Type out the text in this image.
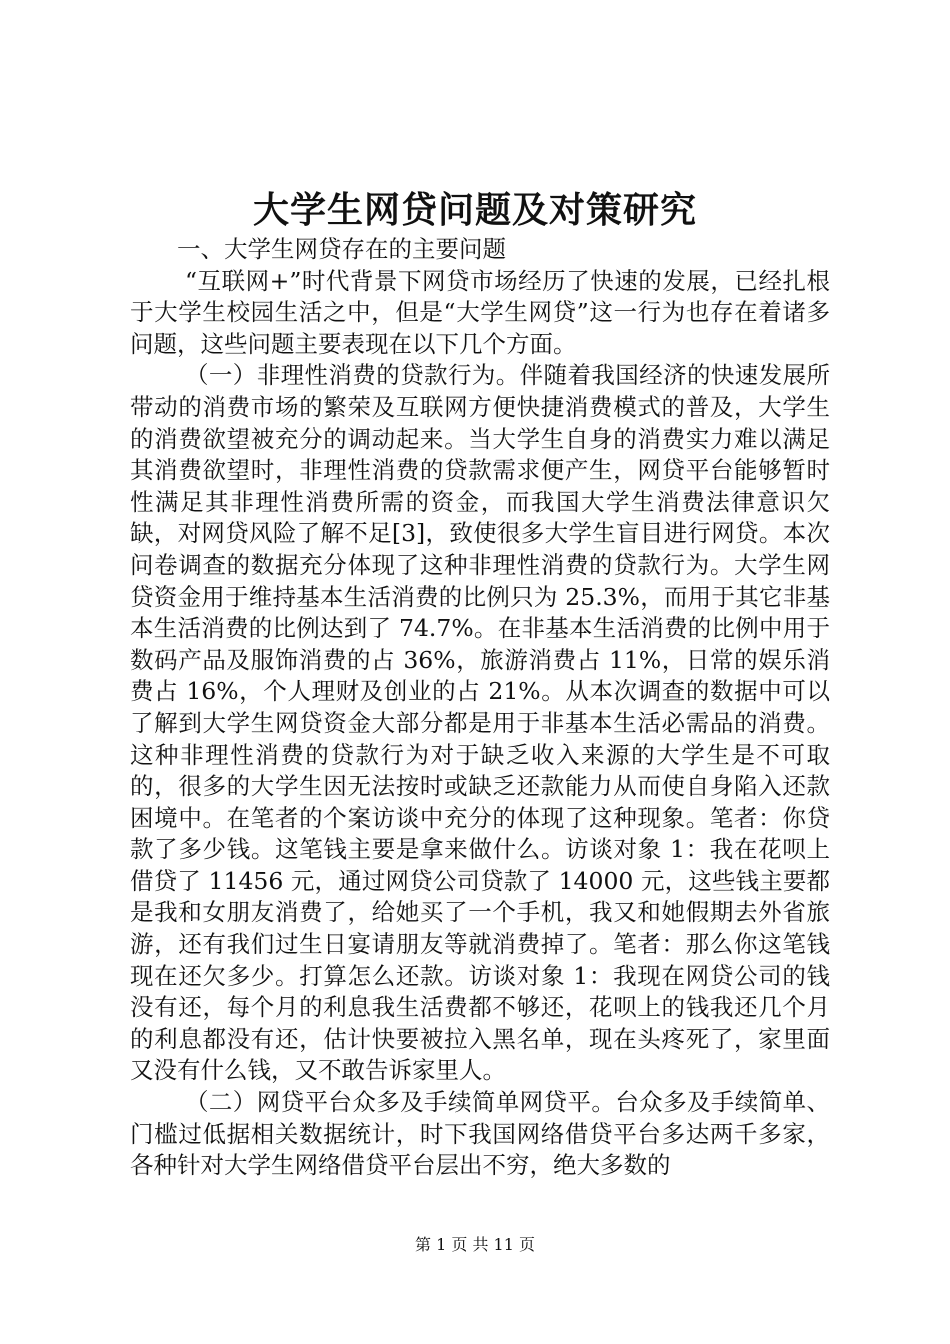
大学生网贷问题及对策研究

一、大学生网贷存在的主要问题

“互联网+”时代背景下网贷市场经历了快速的发展，已经扎根于大学生校园生活之中，但是“大学生网贷”这一行为也存在着诸多问题，这些问题主要表现在以下几个方面。

（一）非理性消费的贷款行为。伴随着我国经济的快速发展所带动的消费市场的繁荣及互联网方便快捷消费模式的普及，大学生的消费欲望被充分的调动起来。当大学生自身的消费实力难以满足其消费欲望时，非理性消费的贷款需求便产生，网贷平台能够暂时性满足其非理性消费所需的资金，而我国大学生消费法律意识欠缺，对网贷风险了解不足[3]，致使很多大学生盲目进行网贷。本次问卷调查的数据充分体现了这种非理性消费的贷款行为。大学生网贷资金用于维持基本生活消费的比例只为 25.3%，而用于其它非基本生活消费的比例达到了 74.7%。在非基本生活消费的比例中用于数码产品及服饰消费的占 36%，旅游消费占 11%，日常的娱乐消费占 16%，个人理财及创业的占 21%。从本次调查的数据中可以了解到大学生网贷资金大部分都是用于非基本生活必需品的消费。这种非理性消费的贷款行为对于缺乏收入来源的大学生是不可取的，很多的大学生因无法按时或缺乏还款能力从而使自身陷入还款困境中。在笔者的个案访谈中充分的体现了这种现象。笔者：你贷款了多少钱。这笔钱主要是拿来做什么。访谈对象 1：我在花呗上借贷了 11456 元，通过网贷公司贷款了 14000 元，这些钱主要都是我和女朋友消费了，给她买了一个手机，我又和她假期去外省旅游，还有我们过生日宴请朋友等就消费掉了。笔者：那么你这笔钱现在还欠多少。打算怎么还款。访谈对象 1：我现在网贷公司的钱没有还，每个月的利息我生活费都不够还，花呗上的钱我还几个月的利息都没有还，估计快要被拉入黑名单，现在头疼死了，家里面又没有什么钱，又不敢告诉家里人。

（二）网贷平台众多及手续简单网贷平。台众多及手续简单、门槛过低据相关数据统计，时下我国网络借贷平台多达两千多家，各种针对大学生网络借贷平台层出不穷，绝大多数的

第 1 页 共 11 页
